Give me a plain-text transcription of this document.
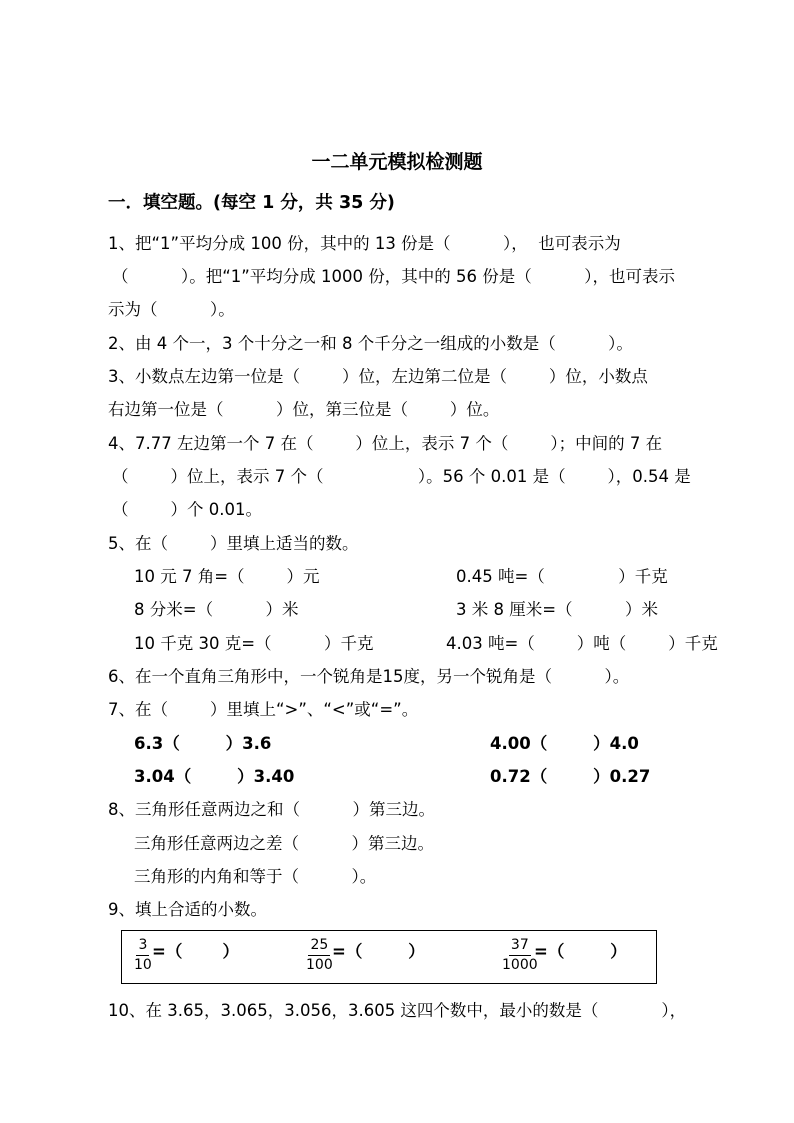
一二单元模拟检测题
一．填空题。(每空 1 分，共 35 分)
1、把“1”平均分成 100 份，其中的 13 份是（          ），  也可表示为
（          ）。把“1”平均分成 1000 份，其中的 56 份是（          ），也可表示
示为（          ）。
2、由 4 个一，3 个十分之一和 8 个千分之一组成的小数是（          ）。
3、小数点左边第一位是（        ）位，左边第二位是（        ）位，小数点
右边第一位是（          ）位，第三位是（        ）位。
4、7.77 左边第一个 7 在（        ）位上，表示 7 个（        ）；中间的 7 在
（        ）位上，表示 7 个（                  ）。56 个 0.01 是（        ），0.54 是
（        ）个 0.01。
5、在（        ）里填上适当的数。
10 元 7 角=（        ）元	0.45 吨=（              ）千克
8 分米=（          ）米	3 米 8 厘米=（          ）米
10 千克 30 克=（          ）千克	4.03 吨=（        ）吨（        ）千克
6、在一个直角三角形中，一个锐角是15度，另一个锐角是（          ）。
7、在（        ）里填上“>”、“<”或“=”。
6.3（        ）3.6	4.00（        ）4.0
3.04（        ）3.40	0.72（        ）0.27
8、三角形任意两边之和（          ）第三边。
三角形任意两边之差（          ）第三边。
三角形的内角和等于（          ）。
9、填上合适的小数。
$\frac{3}{10}$
=（       ）	$\frac{25}{100}$
=（        ）	$\frac{37}{1000}$
=（        ）
10、在 3.65，3.065，3.056，3.605 这四个数中，最小的数是（            ），
